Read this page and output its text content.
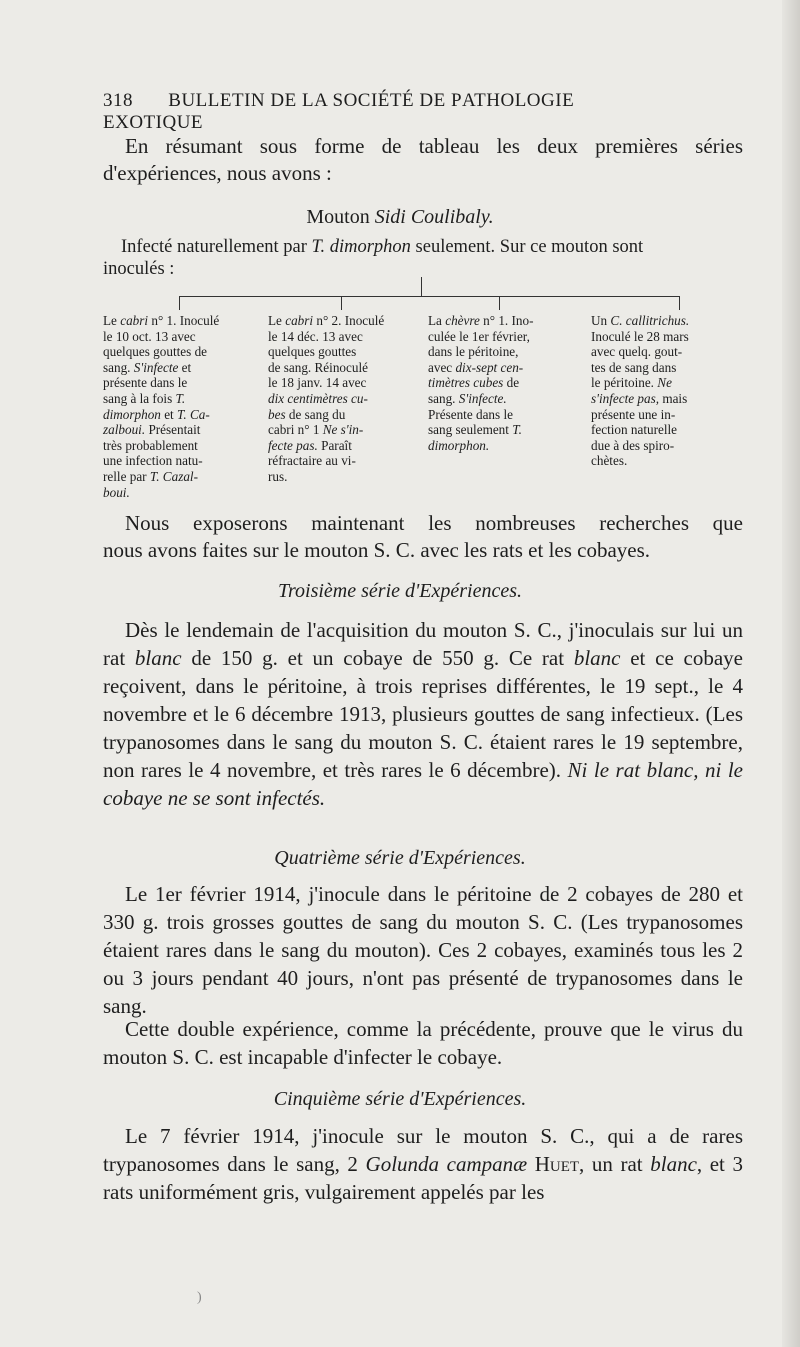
318 BULLETIN DE LA SOCIÉTÉ DE PATHOLOGIE EXOTIQUE

En résumant sous forme de tableau les deux premières séries
d'expériences, nous avons :

Mouton Sidi Coulibaly.
Infecté naturellement par T. dimorphon seulement. Sur ce mouton sont
inoculés :
Le cabri n° 1. Inoculé
le 10 oct. 13 avec
quelques gouttes de
sang. S'infecte et
présente dans le
sang à la fois T.
dimorphon et T. Ca-
zalboui. Présentait
très probablement
une infection natu-
relle par T. Cazal-
boui.
Le cabri n° 2. Inoculé
le 14 déc. 13 avec
quelques gouttes
de sang. Réinoculé
le 18 janv. 14 avec
dix centimètres cu-
bes de sang du
cabri n° 1 Ne s'in-
fecte pas. Paraît
réfractaire au vi-
rus.
La chèvre n° 1. Ino-
culée le 1er février,
dans le péritoine,
avec dix-sept cen-
timètres cubes de
sang. S'infecte.
Présente dans le
sang seulement T.
dimorphon.
Un C. callitrichus.
Inoculé le 28 mars
avec quelq. gout-
tes de sang dans
le péritoine. Ne
s'infecte pas, mais
présente une in-
fection naturelle
due à des spiro-
chètes.

Nous exposerons maintenant les nombreuses recherches que
nous avons faites sur le mouton S. C. avec les rats et les cobayes.

Troisième série d'Expériences.

Dès le lendemain de l'acquisition du mouton S. C., j'inoculais sur lui un rat blanc de 150 g. et un cobaye de 550 g. Ce rat blanc et ce cobaye reçoivent, dans le péritoine, à trois reprises différentes, le 19 sept., le 4 novembre et le 6 décembre 1913, plusieurs gouttes de sang infectieux. (Les trypanosomes dans le sang du mouton S. C. étaient rares le 19 septembre, non rares le 4 novembre, et très rares le 6 décembre). Ni le rat blanc, ni le cobaye ne se sont infectés.

Quatrième série d'Expériences.

Le 1er février 1914, j'inocule dans le péritoine de 2 cobayes de 280 et 330 g. trois grosses gouttes de sang du mouton S. C. (Les trypanosomes étaient rares dans le sang du mouton). Ces 2 cobayes, examinés tous les 2 ou 3 jours pendant 40 jours, n'ont pas présenté de trypanosomes dans le sang.

Cette double expérience, comme la précédente, prouve que le virus du mouton S. C. est incapable d'infecter le cobaye.

Cinquième série d'Expériences.

Le 7 février 1914, j'inocule sur le mouton S. C., qui a de rares trypanosomes dans le sang, 2 Golunda campanæ Huet, un rat blanc, et 3 rats uniformément gris, vulgairement appelés par les

)
